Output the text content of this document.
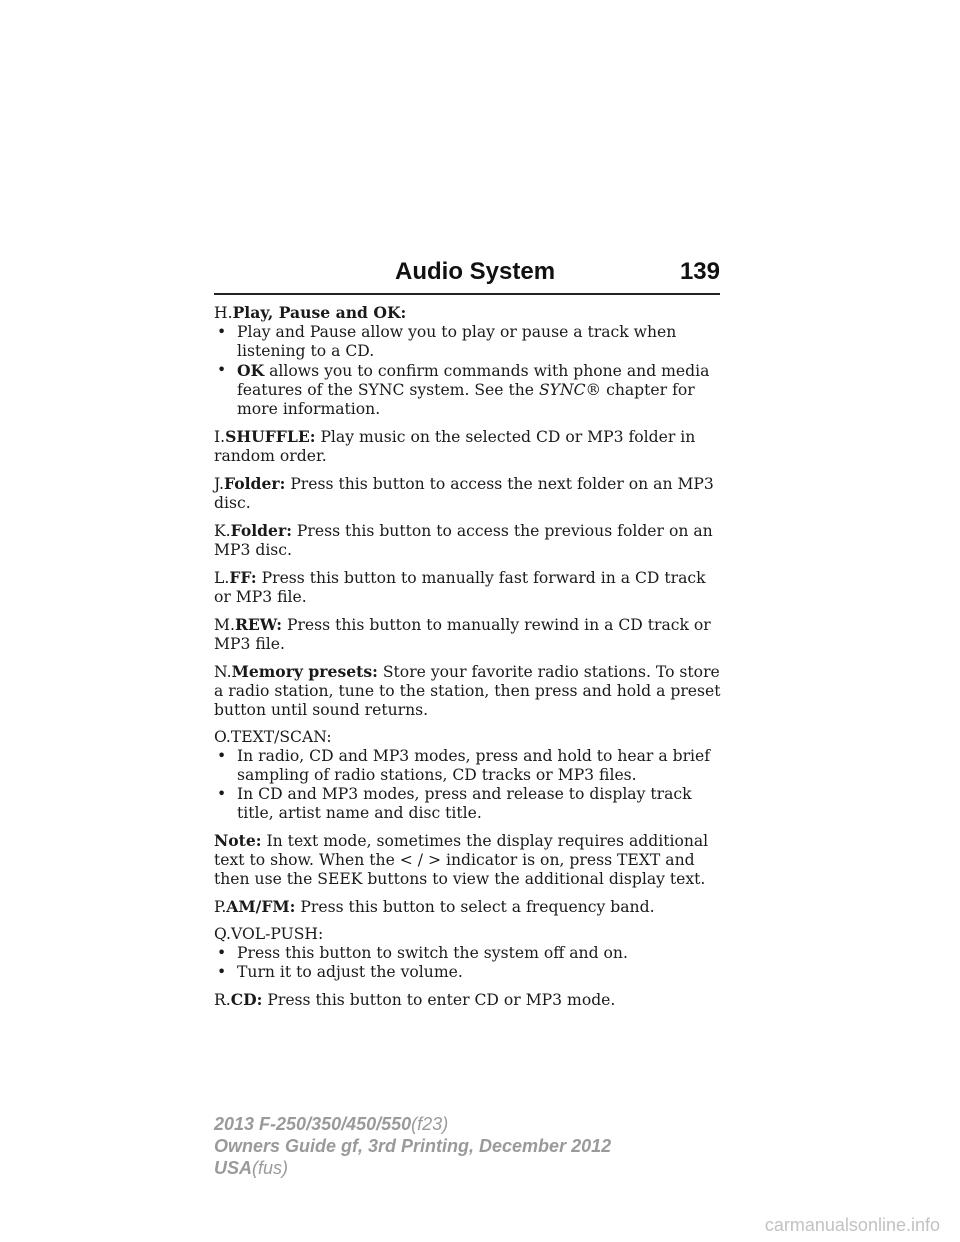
Audio System	139
H.Play, Pause and OK:
• Play and Pause allow you to play or pause a track when listening to a CD.
• OK allows you to confirm commands with phone and media features of the SYNC system. See the SYNC® chapter for more information.
I.SHUFFLE: Play music on the selected CD or MP3 folder in random order.
J.Folder: Press this button to access the next folder on an MP3 disc.
K.Folder: Press this button to access the previous folder on an MP3 disc.
L.FF: Press this button to manually fast forward in a CD track or MP3 file.
M.REW: Press this button to manually rewind in a CD track or MP3 file.
N.Memory presets: Store your favorite radio stations. To store a radio station, tune to the station, then press and hold a preset button until sound returns.
O.TEXT/SCAN:
• In radio, CD and MP3 modes, press and hold to hear a brief sampling of radio stations, CD tracks or MP3 files.
• In CD and MP3 modes, press and release to display track title, artist name and disc title.
Note: In text mode, sometimes the display requires additional text to show. When the < / > indicator is on, press TEXT and then use the SEEK buttons to view the additional display text.
P.AM/FM: Press this button to select a frequency band.
Q.VOL-PUSH:
• Press this button to switch the system off and on.
• Turn it to adjust the volume.
R.CD: Press this button to enter CD or MP3 mode.
2013 F-250/350/450/550(f23)
Owners Guide gf, 3rd Printing, December 2012
USA(fus)
carmanualsonline.info
